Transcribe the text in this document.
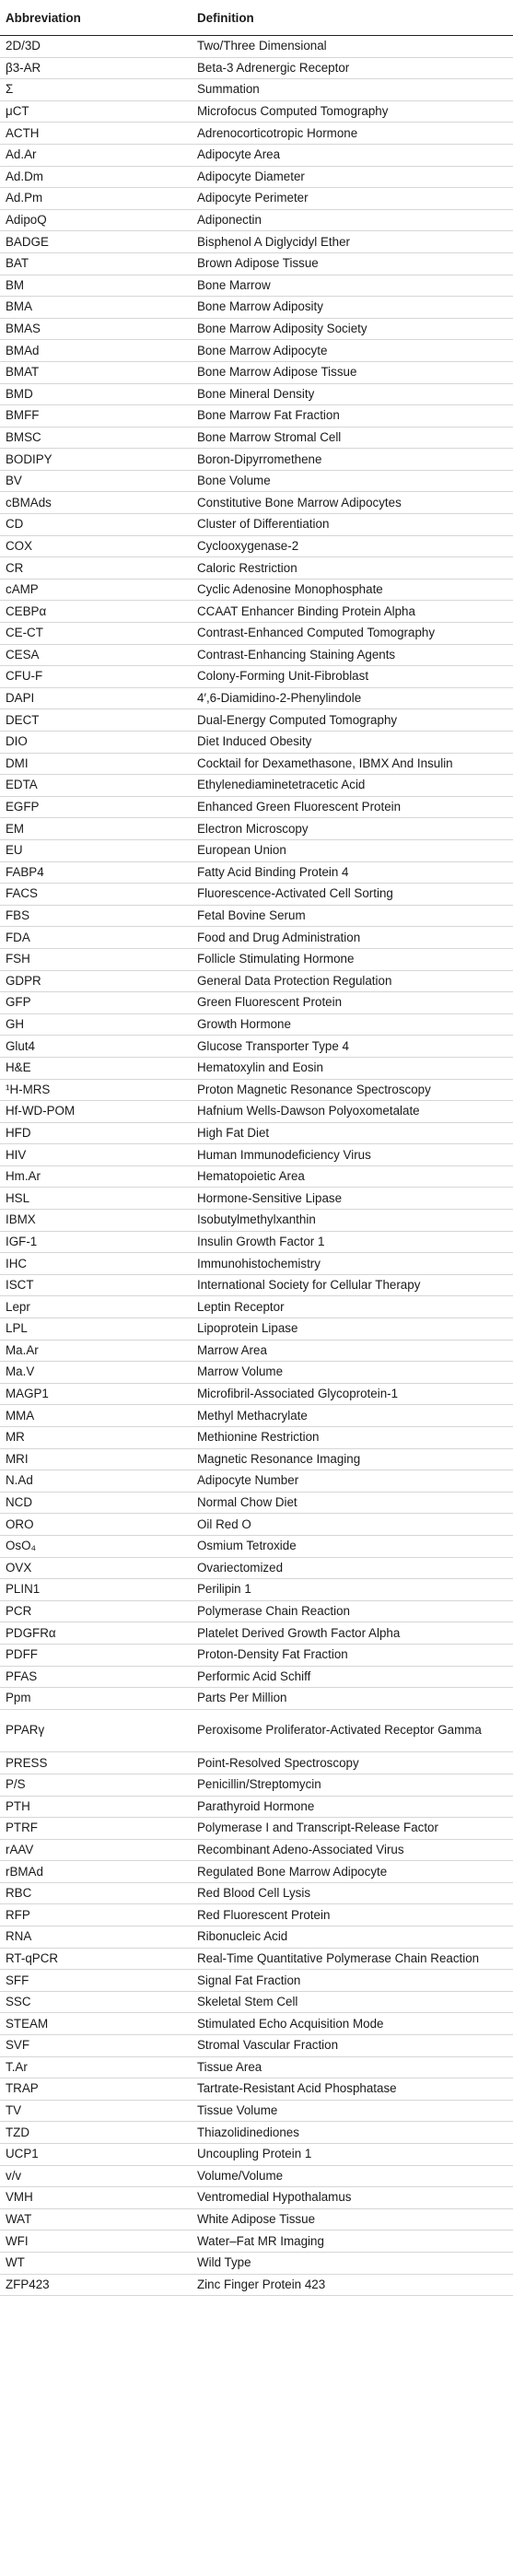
Abbreviation	Definition
2D/3D	Two/Three Dimensional
β3-AR	Beta-3 Adrenergic Receptor
Σ	Summation
μCT	Microfocus Computed Tomography
ACTH	Adrenocorticotropic Hormone
Ad.Ar	Adipocyte Area
Ad.Dm	Adipocyte Diameter
Ad.Pm	Adipocyte Perimeter
AdipoQ	Adiponectin
BADGE	Bisphenol A Diglycidyl Ether
BAT	Brown Adipose Tissue
BM	Bone Marrow
BMA	Bone Marrow Adiposity
BMAS	Bone Marrow Adiposity Society
BMAd	Bone Marrow Adipocyte
BMAT	Bone Marrow Adipose Tissue
BMD	Bone Mineral Density
BMFF	Bone Marrow Fat Fraction
BMSC	Bone Marrow Stromal Cell
BODIPY	Boron-Dipyrromethene
BV	Bone Volume
cBMAds	Constitutive Bone Marrow Adipocytes
CD	Cluster of Differentiation
COX	Cyclooxygenase-2
CR	Caloric Restriction
cAMP	Cyclic Adenosine Monophosphate
CEBPα	CCAAT Enhancer Binding Protein Alpha
CE-CT	Contrast-Enhanced Computed Tomography
CESA	Contrast-Enhancing Staining Agents
CFU-F	Colony-Forming Unit-Fibroblast
DAPI	4′,6-Diamidino-2-Phenylindole
DECT	Dual-Energy Computed Tomography
DIO	Diet Induced Obesity
DMI	Cocktail for Dexamethasone, IBMX And Insulin
EDTA	Ethylenediaminetetracetic Acid
EGFP	Enhanced Green Fluorescent Protein
EM	Electron Microscopy
EU	European Union
FABP4	Fatty Acid Binding Protein 4
FACS	Fluorescence-Activated Cell Sorting
FBS	Fetal Bovine Serum
FDA	Food and Drug Administration
FSH	Follicle Stimulating Hormone
GDPR	General Data Protection Regulation
GFP	Green Fluorescent Protein
GH	Growth Hormone
Glut4	Glucose Transporter Type 4
H&E	Hematoxylin and Eosin
¹H-MRS	Proton Magnetic Resonance Spectroscopy
Hf-WD-POM	Hafnium Wells-Dawson Polyoxometalate
HFD	High Fat Diet
HIV	Human Immunodeficiency Virus
Hm.Ar	Hematopoietic Area
HSL	Hormone-Sensitive Lipase
IBMX	Isobutylmethylxanthin
IGF-1	Insulin Growth Factor 1
IHC	Immunohistochemistry
ISCT	International Society for Cellular Therapy
Lepr	Leptin Receptor
LPL	Lipoprotein Lipase
Ma.Ar	Marrow Area
Ma.V	Marrow Volume
MAGP1	Microfibril-Associated Glycoprotein-1
MMA	Methyl Methacrylate
MR	Methionine Restriction
MRI	Magnetic Resonance Imaging
N.Ad	Adipocyte Number
NCD	Normal Chow Diet
ORO	Oil Red O
OsO₄	Osmium Tetroxide
OVX	Ovariectomized
PLIN1	Perilipin 1
PCR	Polymerase Chain Reaction
PDGFRα	Platelet Derived Growth Factor Alpha
PDFF	Proton-Density Fat Fraction
PFAS	Performic Acid Schiff
Ppm	Parts Per Million
PPARγ	Peroxisome Proliferator-Activated Receptor Gamma
PRESS	Point-Resolved Spectroscopy
P/S	Penicillin/Streptomycin
PTH	Parathyroid Hormone
PTRF	Polymerase I and Transcript-Release Factor
rAAV	Recombinant Adeno-Associated Virus
rBMAd	Regulated Bone Marrow Adipocyte
RBC	Red Blood Cell Lysis
RFP	Red Fluorescent Protein
RNA	Ribonucleic Acid
RT-qPCR	Real-Time Quantitative Polymerase Chain Reaction
SFF	Signal Fat Fraction
SSC	Skeletal Stem Cell
STEAM	Stimulated Echo Acquisition Mode
SVF	Stromal Vascular Fraction
T.Ar	Tissue Area
TRAP	Tartrate-Resistant Acid Phosphatase
TV	Tissue Volume
TZD	Thiazolidinediones
UCP1	Uncoupling Protein 1
v/v	Volume/Volume
VMH	Ventromedial Hypothalamus
WAT	White Adipose Tissue
WFI	Water–Fat MR Imaging
WT	Wild Type
ZFP423	Zinc Finger Protein 423
